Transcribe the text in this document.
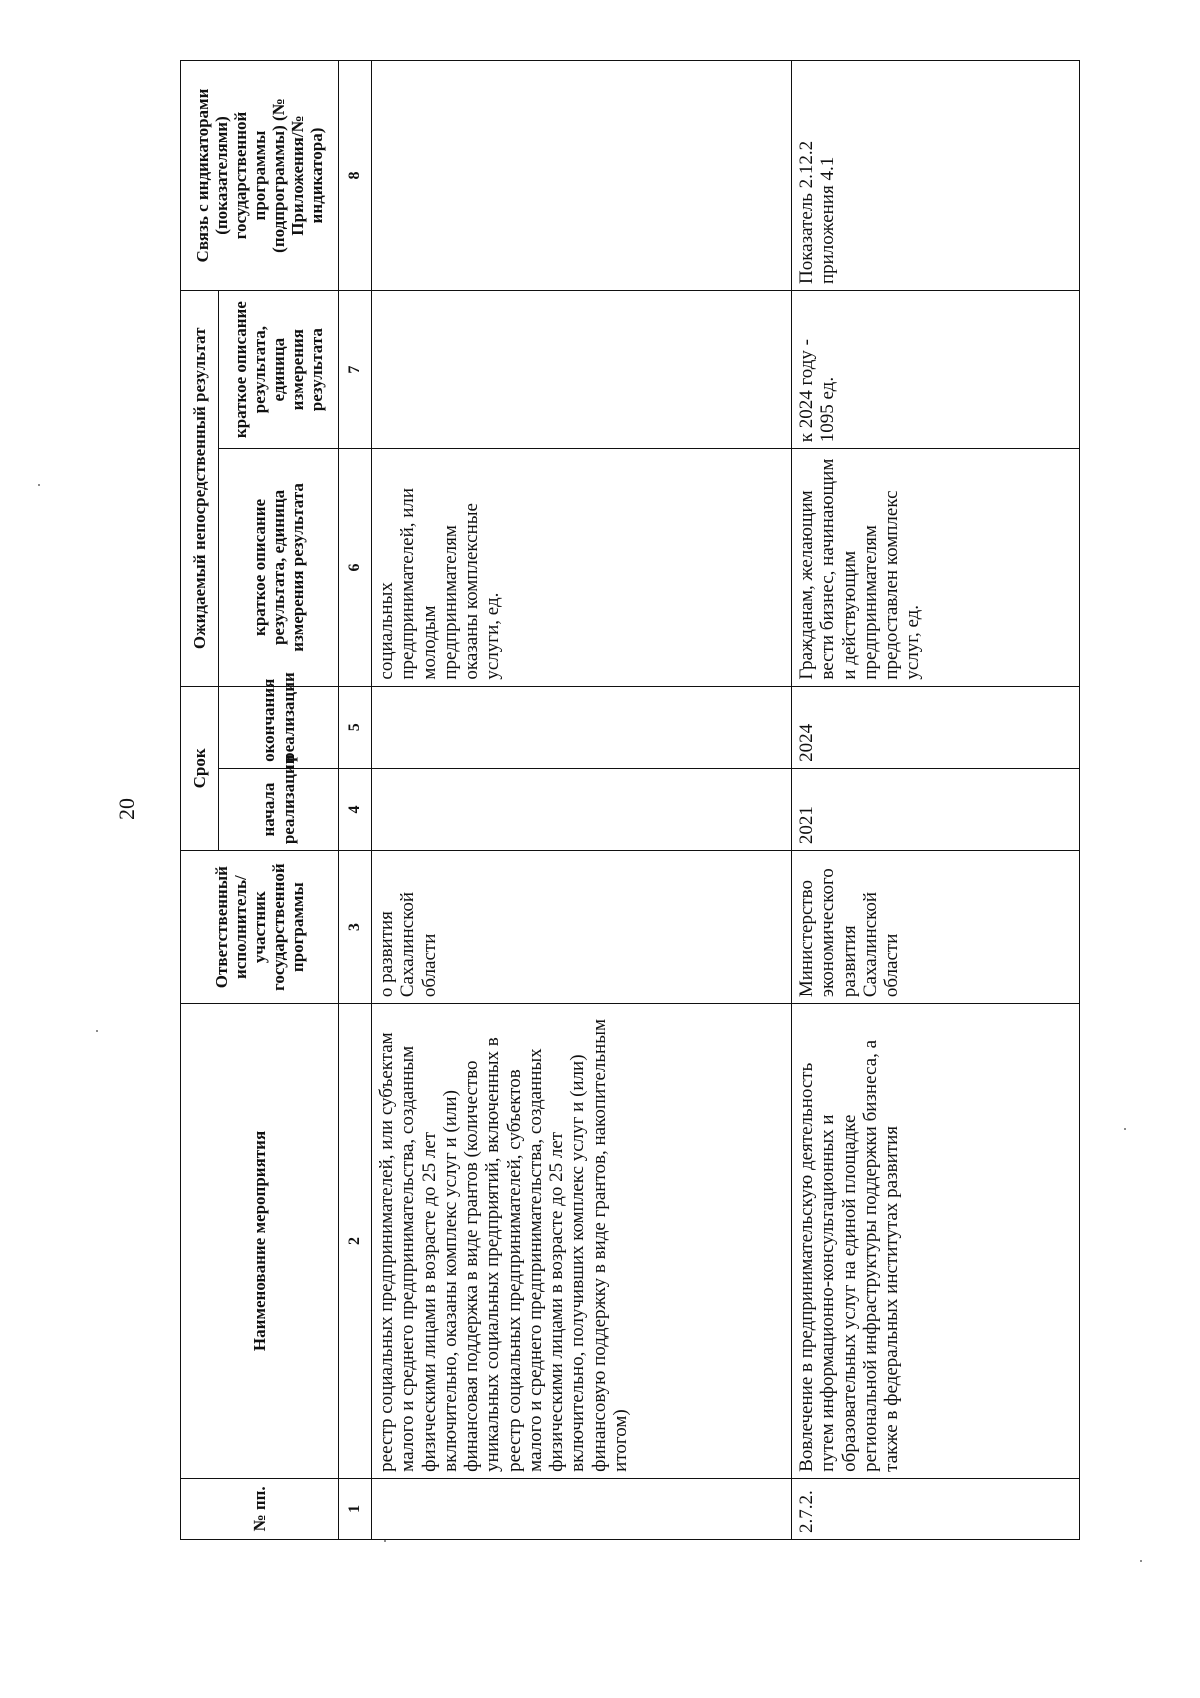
20
№ пп.	Наименование мероприятия	Ответственный исполнитель/участник государственной программы	Срок		Ожидаемый непосредственный результат		Связь с индикаторами (показателями) государственной программы (подпрограммы) (№ Приложения/№ индикатора)
			начала реализации	окончания реализации	краткое описание результата, единица измерения результата	краткое описание результата, единица измерения результата	
1	2	3	4	5	6	7	8
	реестр социальных предпринимателей, или субъектам малого и среднего предпринимательства, созданным физическими лицами в возрасте до 25 лет включительно, оказаны комплекс услуг и (или) финансовая поддержка в виде грантов (количество уникальных социальных предприятий, включенных в реестр социальных предпринимателей, субъектов малого и среднего предпринимательства, созданных физическими лицами в возрасте до 25 лет включительно, получивших комплекс услуг и (или) финансовую поддержку в виде грантов, накопительным итогом)	о развития Сахалинской области			социальных предпринимателей, или молодым предпринимателям оказаны комплексные услуги, ед.		
2.7.2.	Вовлечение в предпринимательскую деятельность путем информационно-консультационных и образовательных услуг на единой площадке региональной инфраструктуры поддержки бизнеса, а также в федеральных институтах развития	Министерство экономического развития Сахалинской области	2021	2024	Гражданам, желающим вести бизнес, начинающим и действующим предпринимателям предоставлен комплекс услуг, ед.	к 2024 году - 1095 ед.	Показатель 2.12.2 приложения 4.1
